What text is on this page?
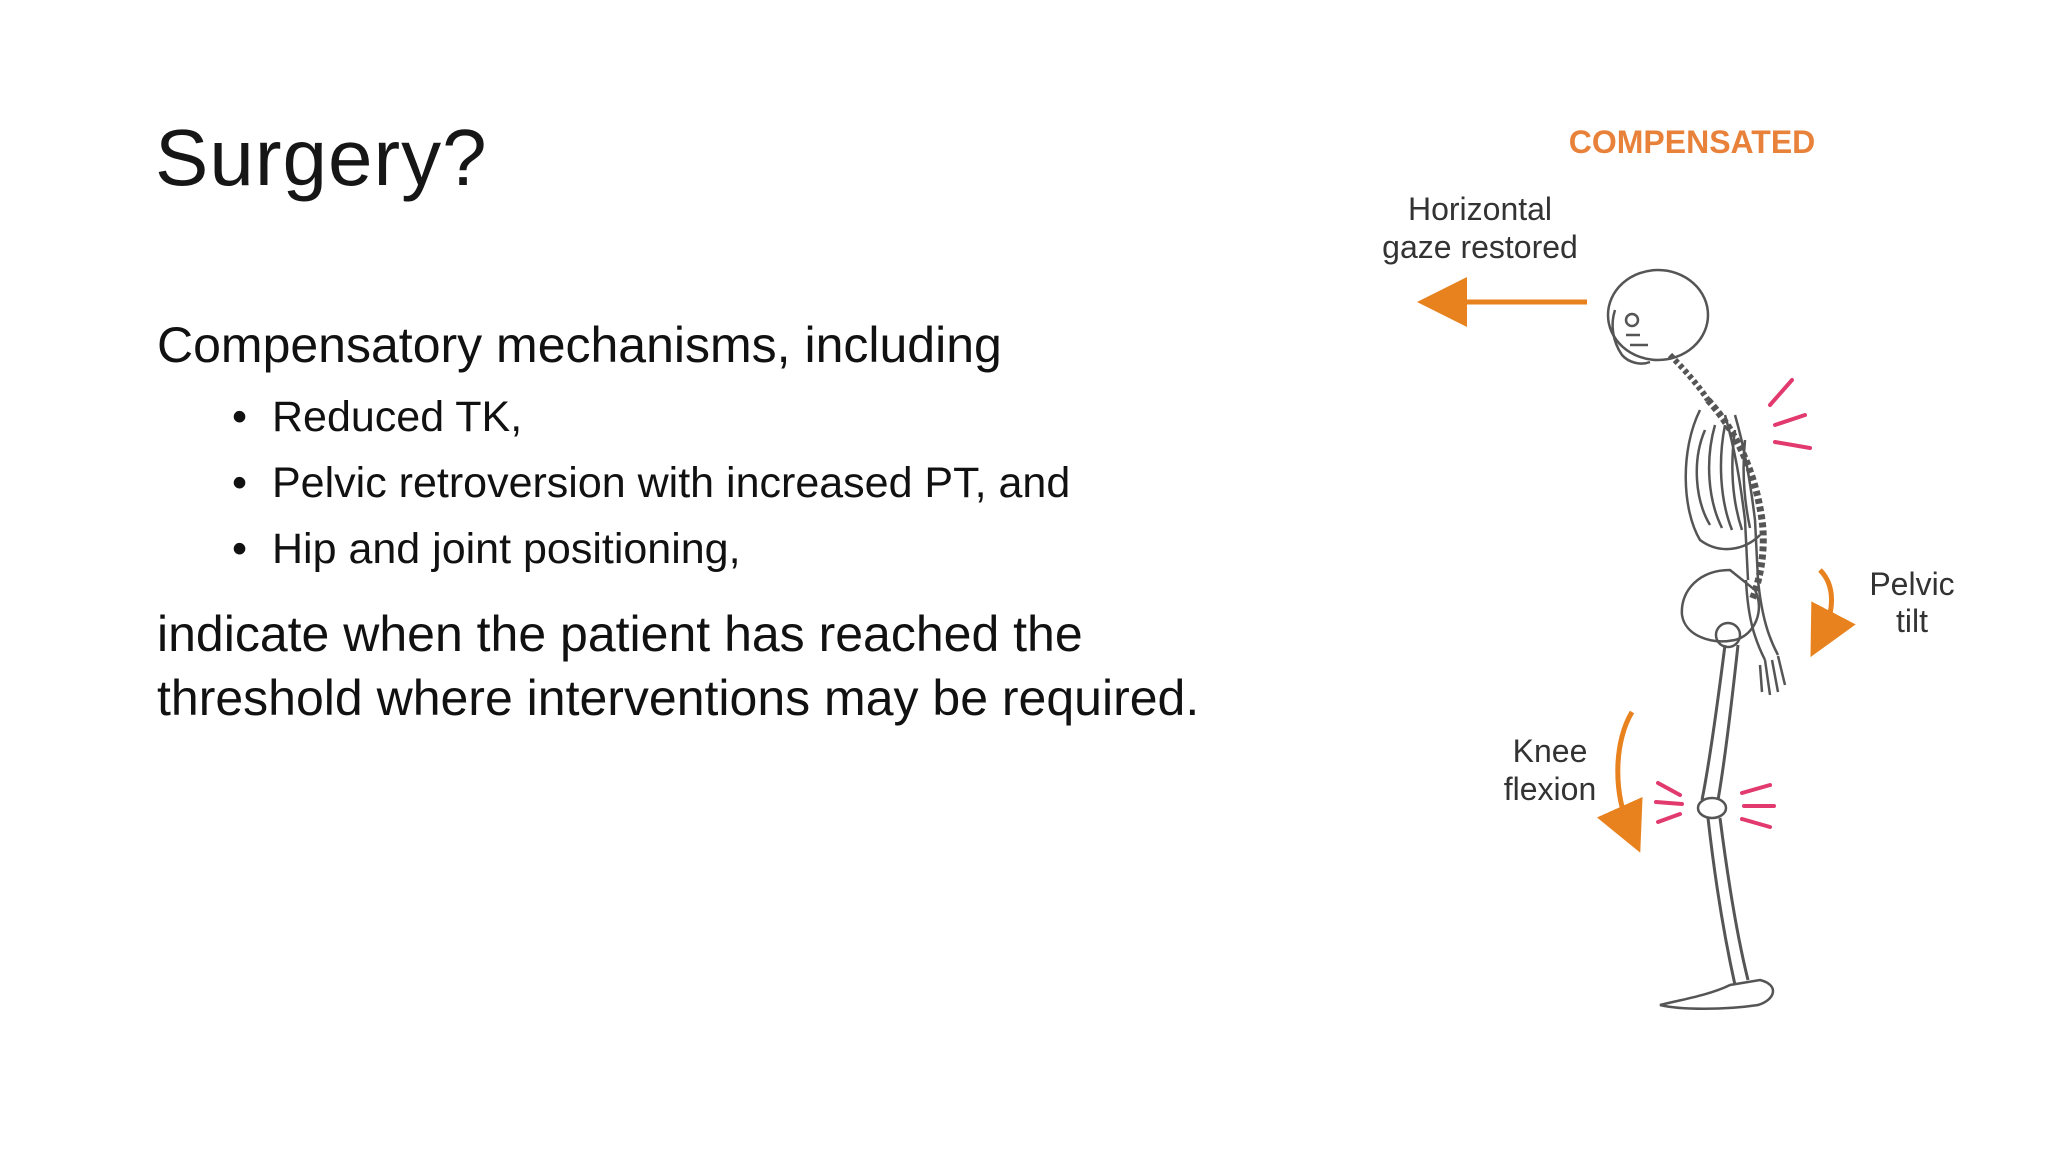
Surgery?

Compensatory mechanisms, including

• Reduced TK,
• Pelvic retroversion with increased PT, and
• Hip and joint positioning,

indicate when the patient has reached the threshold where interventions may be required.

COMPENSATED
Horizontal
gaze restored
Pelvic
tilt
Knee
flexion
